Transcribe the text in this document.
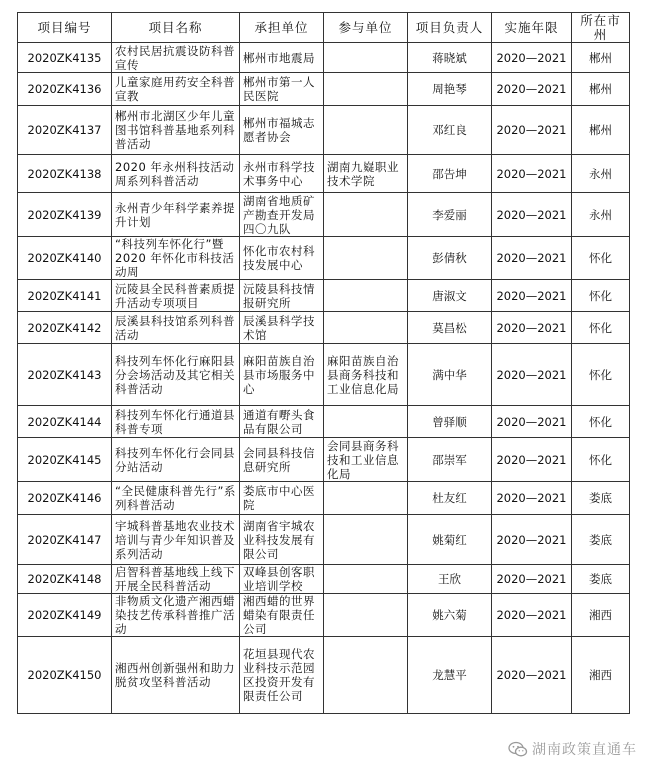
项目编号	项目名称	承担单位	参与单位	项目负责人	实施年限	所在市州
2020ZK4135	农村民居抗震设防科普宣传	郴州市地震局		蒋晓斌	2020—2021	郴州
2020ZK4136	儿童家庭用药安全科普宣教	郴州市第一人民医院		周艳琴	2020—2021	郴州
2020ZK4137	郴州市北湖区少年儿童图书馆科普基地系列科普活动	郴州市福城志愿者协会		邓红良	2020—2021	郴州
2020ZK4138	2020 年永州科技活动周系列科普活动	永州市科学技术事务中心	湖南九嶷职业技术学院	邵告坤	2020—2021	永州
2020ZK4139	永州青少年科学素养提升计划	湖南省地质矿产勘查开发局四〇九队		李爱丽	2020—2021	永州
2020ZK4140	“科技列车怀化行”暨 2020 年怀化市科技活动周	怀化市农村科技发展中心		彭倩秋	2020—2021	怀化
2020ZK4141	沅陵县全民科普素质提升活动专项项目	沅陵县科技情报研究所		唐淑文	2020—2021	怀化
2020ZK4142	辰溪县科技馆系列科普活动	辰溪县科学技术馆		莫昌松	2020—2021	怀化
2020ZK4143	科技列车怀化行麻阳县分会场活动及其它相关科普活动	麻阳苗族自治县市场服务中心	麻阳苗族自治县商务科技和工业信息化局	满中华	2020—2021	怀化
2020ZK4144	科技列车怀化行通道县科普专项	通道有嘢头食品有限公司		曾驿顺	2020—2021	怀化
2020ZK4145	科技列车怀化行会同县分站活动	会同县科技信息研究所	会同县商务科技和工业信息化局	邵崇军	2020—2021	怀化
2020ZK4146	“全民健康科普先行”系列科普活动	娄底市中心医院		杜友红	2020—2021	娄底
2020ZK4147	宇城科普基地农业技术培训与青少年知识普及系列活动	湖南省宇城农业科技发展有限公司		姚菊红	2020—2021	娄底
2020ZK4148	启智科普基地线上线下开展全民科普活动	双峰县创客职业培训学校		王欣	2020—2021	娄底
2020ZK4149	非物质文化遗产湘西蜡染技艺传承科普推广活动	湘西蜡的世界蜡染有限责任公司		姚六菊	2020—2021	湘西
2020ZK4150	湘西州创新强州和助力脱贫攻坚科普活动	花垣县现代农业科技示范园区投资开发有限责任公司		龙慧平	2020—2021	湘西
湖南政策直通车
